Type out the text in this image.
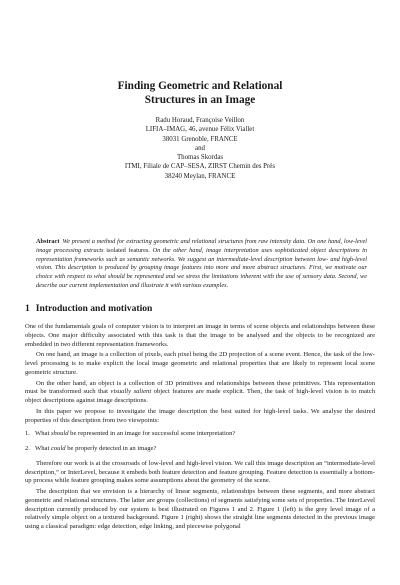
Finding Geometric and Relational
Structures in an Image
Radu Horaud, Françoise Veillon
LIFIA–IMAG, 46, avenue Félix Viallet
38031 Grenoble, FRANCE
and
Thomas Skordas
ITMI, Filiale de CAP–SESA, ZIRST Chemin des Prés
38240 Meylan, FRANCE
Abstract We present a method for extracting geometric and relational structures from raw intensity data. On one hand, low-level image processing extracts isolated features. On the other hand, image interpretation uses sophisticated object descriptions in representation frameworks such as semantic networks. We suggest an intermediate-level description between low- and high-level vision. This description is produced by grouping image features into more and more abstract structures. First, we motivate our choice with respect to what should be represented and we stress the limitations inherent with the use of sensory data. Second, we describe our current implementation and illustrate it with various examples.
1 Introduction and motivation

One of the fundamentals goals of computer vision is to interpret an image in terms of scene objects and relationships between these objects. One major difficulty associated with this task is that the image to be analysed and the objects to be recognized are embedded in two different representation frameworks.

On one hand, an image is a collection of pixels, each pixel being the 2D projection of a scene event. Hence, the task of the low-level processing is to make explicit the local image geometric and relational properties that are likely to represent local scene geometric structure.

On the other hand, an object is a collection of 3D primitives and relationships between these primitives. This representation must be transformed such that visually salient object features are made explicit. Then, the task of high-level vision is to match object descriptions against image descriptions.

In this paper we propose to investigate the image description the best suited for high-level tasks. We analyse the desired properties of this description from two viewpoints:

1. What should be represented in an image for successful scene interpretation?
2. What could be properly detected in an image?

Therefore our work is at the crossroads of low-level and high-level vision. We call this image description an “intermediate-level description,” or InterLevel, because it embeds both feature detection and feature grouping. Feature detection is essentially a bottom-up process while feature grouping makes some assumptions about the geometry of the scene.

The description that we envision is a hierarchy of linear segments, relationships between these segments, and more abstract geometric and relational structures. The latter are groups (collections) of segments satisfying some sets of properties. The InterLevel description currently produced by our system is best illustrated on Figures 1 and 2. Figure 1 (left) is the grey level image of a relatively simple object on a textured background. Figure 1 (right) shows the straight line segments detected in the previous image using a classical paradigm: edge detection, edge linking, and piecewise polygonal
